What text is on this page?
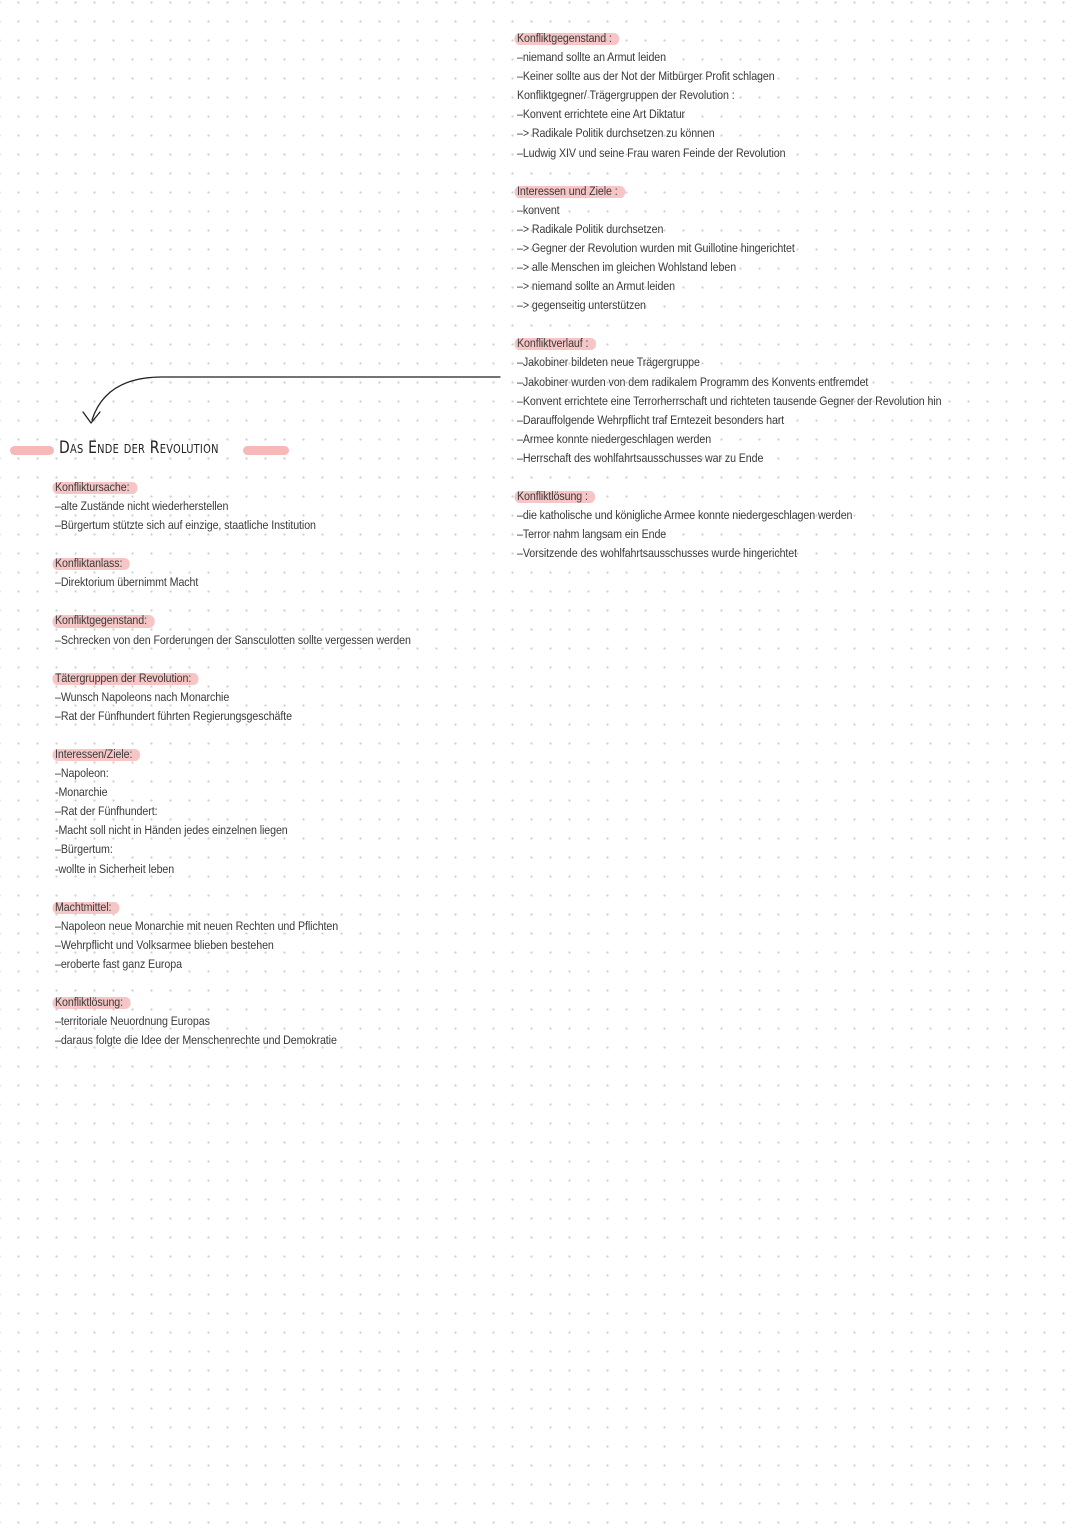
Das Ende der Revolution
Konfliktgegenstand :
–niemand sollte an Armut leiden
–Keiner sollte aus der Not der Mitbürger Profit schlagen
Konfliktgegner/ Trägergruppen der Revolution :
–Konvent errichtete eine Art Diktatur
–> Radikale Politik durchsetzen zu können
–Ludwig XIV und seine Frau waren Feinde der Revolution
Interessen und Ziele :
–konvent
–> Radikale Politik durchsetzen
–> Gegner der Revolution wurden mit Guillotine hingerichtet
–> alle Menschen im gleichen Wohlstand leben
–> niemand sollte an Armut leiden
–> gegenseitig unterstützen
Konfliktverlauf :
–Jakobiner bildeten neue Trägergruppe
–Jakobiner wurden von dem radikalem Programm des Konvents entfremdet
–Konvent errichtete eine Terrorherrschaft und richteten tausende Gegner der Revolution hin
–Darauffolgende Wehrpflicht traf Erntezeit besonders hart
–Armee konnte niedergeschlagen werden
–Herrschaft des wohlfahrtsausschusses war zu Ende
Konfliktlösung :
–die katholische und königliche Armee konnte niedergeschlagen werden
–Terror nahm langsam ein Ende
–Vorsitzende des wohlfahrtsausschusses wurde hingerichtet
Konfliktursache:
–alte Zustände nicht wiederherstellen
–Bürgertum stützte sich auf einzige, staatliche Institution
Konfliktanlass:
–Direktorium übernimmt Macht
Konfliktgegenstand:
–Schrecken von den Forderungen der Sansculotten sollte vergessen werden
Tätergruppen der Revolution:
–Wunsch Napoleons nach Monarchie
–Rat der Fünfhundert führten Regierungsgeschäfte
Interessen/Ziele:
–Napoleon:
-Monarchie
–Rat der Fünfhundert:
-Macht soll nicht in Händen jedes einzelnen liegen
–Bürgertum:
-wollte in Sicherheit leben
Machtmittel:
–Napoleon neue Monarchie mit neuen Rechten und Pflichten
–Wehrpflicht und Volksarmee blieben bestehen
–eroberte fast ganz Europa
Konfliktlösung:
–territoriale Neuordnung Europas
–daraus folgte die Idee der Menschenrechte und Demokratie
